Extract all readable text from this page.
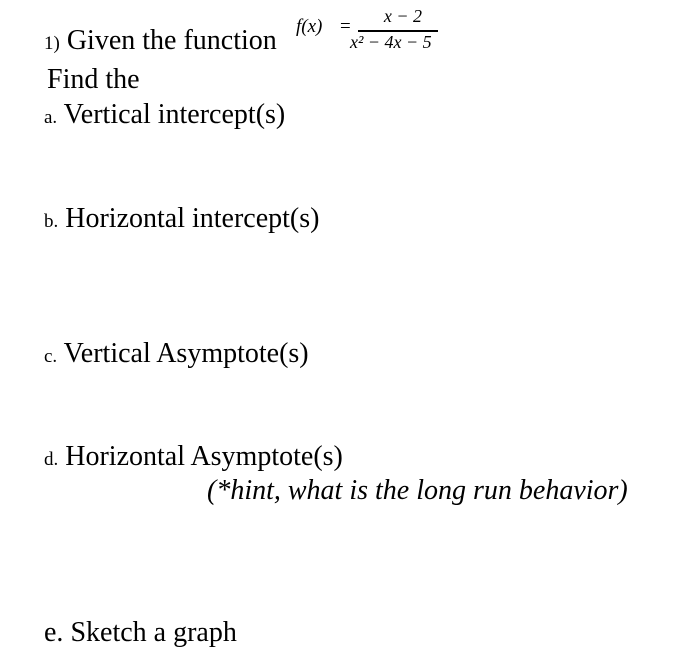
1) Given the function f(x) =	x − 2
x² − 4x − 5
Find the
a. Vertical intercept(s)
b. Horizontal intercept(s)
c. Vertical Asymptote(s)
d. Horizontal Asymptote(s)
(*hint, what is the long run behavior)
e. Sketch a graph
